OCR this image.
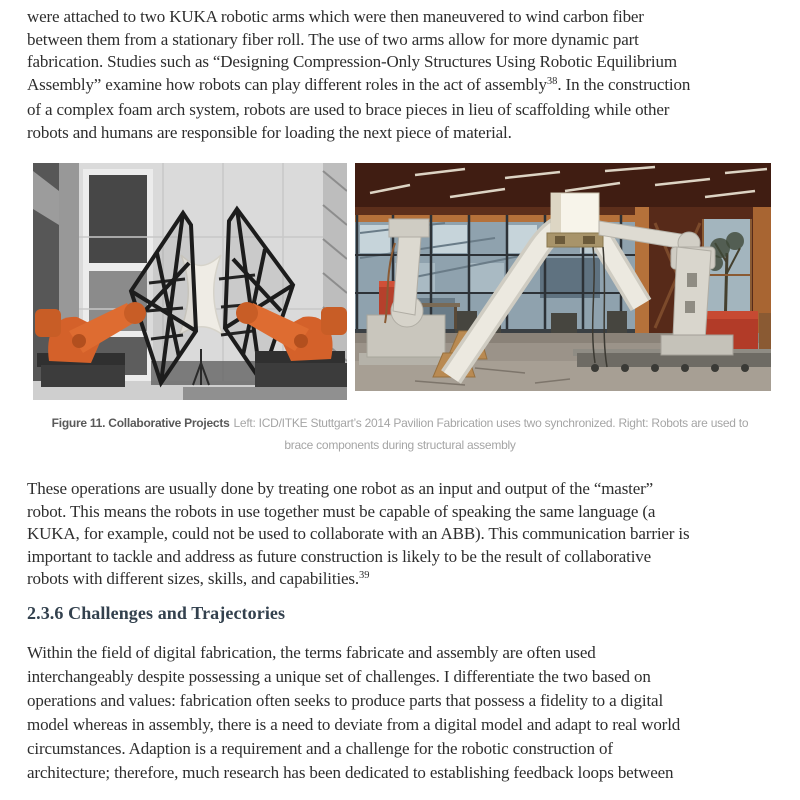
were attached to two KUKA robotic arms which were then maneuvered to wind carbon fiber
between them from a stationary fiber roll. The use of two arms allow for more dynamic part
fabrication. Studies such as “Designing Compression-Only Structures Using Robotic Equilibrium
Assembly” examine how robots can play different roles in the act of assembly$^{38}$. In the construction
of a complex foam arch system, robots are used to brace pieces in lieu of scaffolding while other
robots and humans are responsible for loading the next piece of material.
Figure 11. Collaborative Projects Left: ICD/ITKE Stuttgart’s 2014 Pavilion Fabrication uses two synchronized. Right: Robots are used to
brace components during structural assembly
These operations are usually done by treating one robot as an input and output of the “master”
robot. This means the robots in use together must be capable of speaking the same language (a
KUKA, for example, could not be used to collaborate with an ABB). This communication barrier is
important to tackle and address as future construction is likely to be the result of collaborative
robots with different sizes, skills, and capabilities.$^{39}$
2.3.6 Challenges and Trajectories
Within the field of digital fabrication, the terms fabricate and assembly are often used
interchangeably despite possessing a unique set of challenges. I differentiate the two based on
operations and values: fabrication often seeks to produce parts that possess a fidelity to a digital
model whereas in assembly, there is a need to deviate from a digital model and adapt to real world
circumstances. Adaption is a requirement and a challenge for the robotic construction of
architecture; therefore, much research has been dedicated to establishing feedback loops between
